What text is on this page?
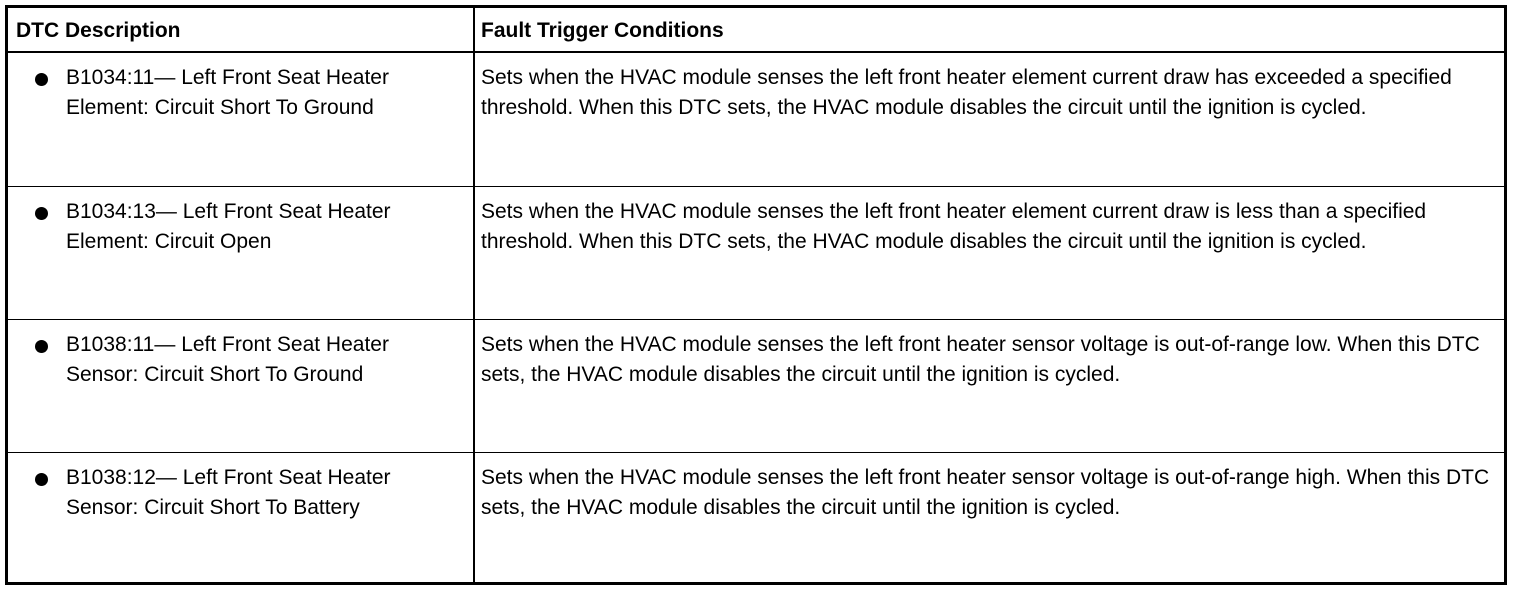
DTC Description	Fault Trigger Conditions
B1034:11— Left Front Seat Heater Element: Circuit Short To Ground
Sets when the HVAC module senses the left front heater element current draw has exceeded a specified threshold. When this DTC sets, the HVAC module disables the circuit until the ignition is cycled.
B1034:13— Left Front Seat Heater Element: Circuit Open
Sets when the HVAC module senses the left front heater element current draw is less than a specified threshold. When this DTC sets, the HVAC module disables the circuit until the ignition is cycled.
B1038:11— Left Front Seat Heater Sensor: Circuit Short To Ground
Sets when the HVAC module senses the left front heater sensor voltage is out-of-range low. When this DTC sets, the HVAC module disables the circuit until the ignition is cycled.
B1038:12— Left Front Seat Heater Sensor: Circuit Short To Battery
Sets when the HVAC module senses the left front heater sensor voltage is out-of-range high. When this DTC sets, the HVAC module disables the circuit until the ignition is cycled.
